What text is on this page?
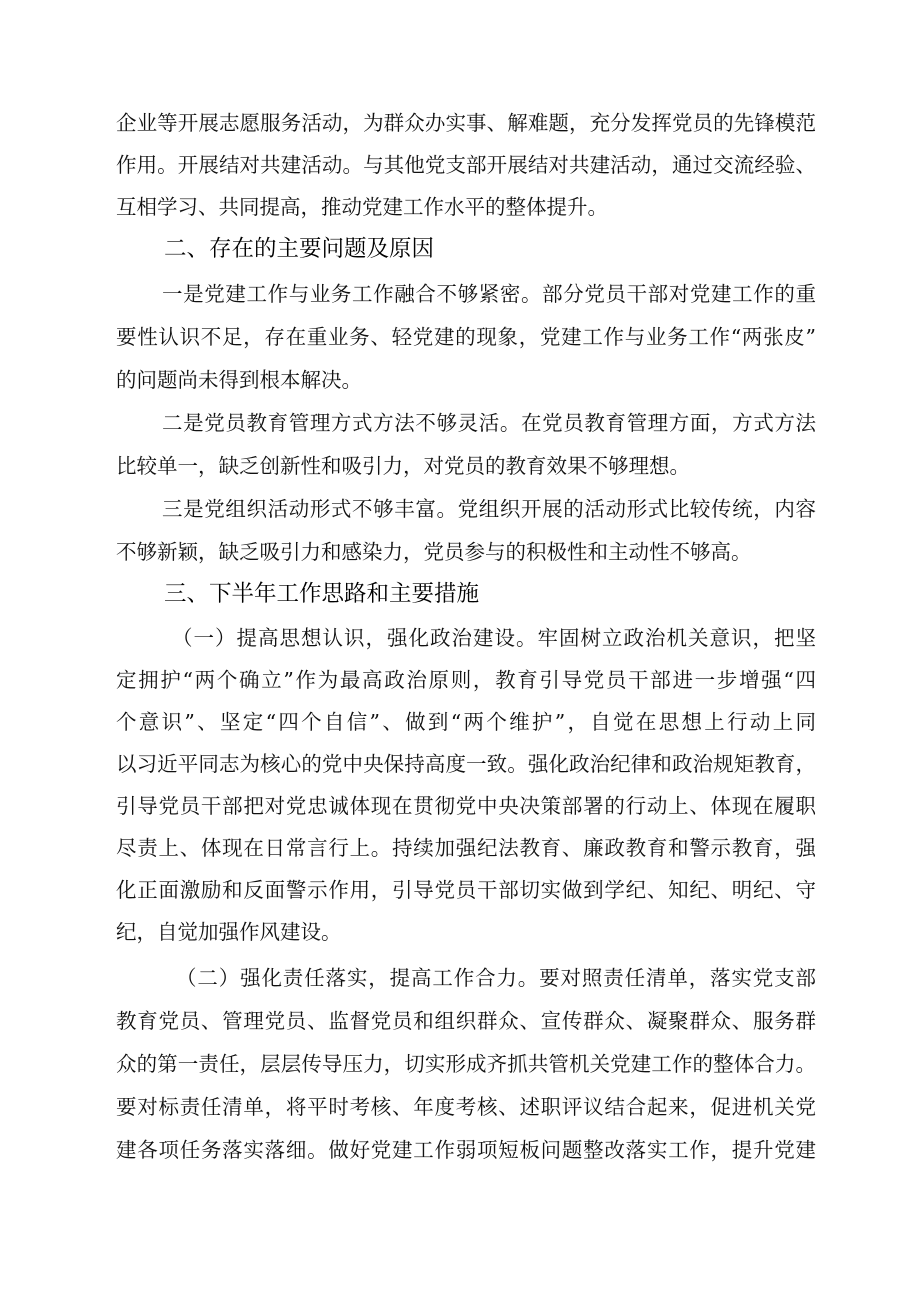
企业等开展志愿服务活动，为群众办实事、解难题，充分发挥党员的先锋模范
作用。开展结对共建活动。与其他党支部开展结对共建活动，通过交流经验、
互相学习、共同提高，推动党建工作水平的整体提升。
二、存在的主要问题及原因
一是党建工作与业务工作融合不够紧密。部分党员干部对党建工作的重
要性认识不足，存在重业务、轻党建的现象，党建工作与业务工作“两张皮”
的问题尚未得到根本解决。
二是党员教育管理方式方法不够灵活。在党员教育管理方面，方式方法
比较单一，缺乏创新性和吸引力，对党员的教育效果不够理想。
三是党组织活动形式不够丰富。党组织开展的活动形式比较传统，内容
不够新颖，缺乏吸引力和感染力，党员参与的积极性和主动性不够高。
三、下半年工作思路和主要措施
（一）提高思想认识，强化政治建设。牢固树立政治机关意识，把坚
定拥护“两个确立”作为最高政治原则，教育引导党员干部进一步增强“四
个意识”、坚定“四个自信”、做到“两个维护”，自觉在思想上行动上同
以习近平同志为核心的党中央保持高度一致。强化政治纪律和政治规矩教育，
引导党员干部把对党忠诚体现在贯彻党中央决策部署的行动上、体现在履职
尽责上、体现在日常言行上。持续加强纪法教育、廉政教育和警示教育，强
化正面激励和反面警示作用，引导党员干部切实做到学纪、知纪、明纪、守
纪，自觉加强作风建设。
（二）强化责任落实，提高工作合力。要对照责任清单，落实党支部
教育党员、管理党员、监督党员和组织群众、宣传群众、凝聚群众、服务群
众的第一责任，层层传导压力，切实形成齐抓共管机关党建工作的整体合力。
要对标责任清单，将平时考核、年度考核、述职评议结合起来，促进机关党
建各项任务落实落细。做好党建工作弱项短板问题整改落实工作，提升党建
